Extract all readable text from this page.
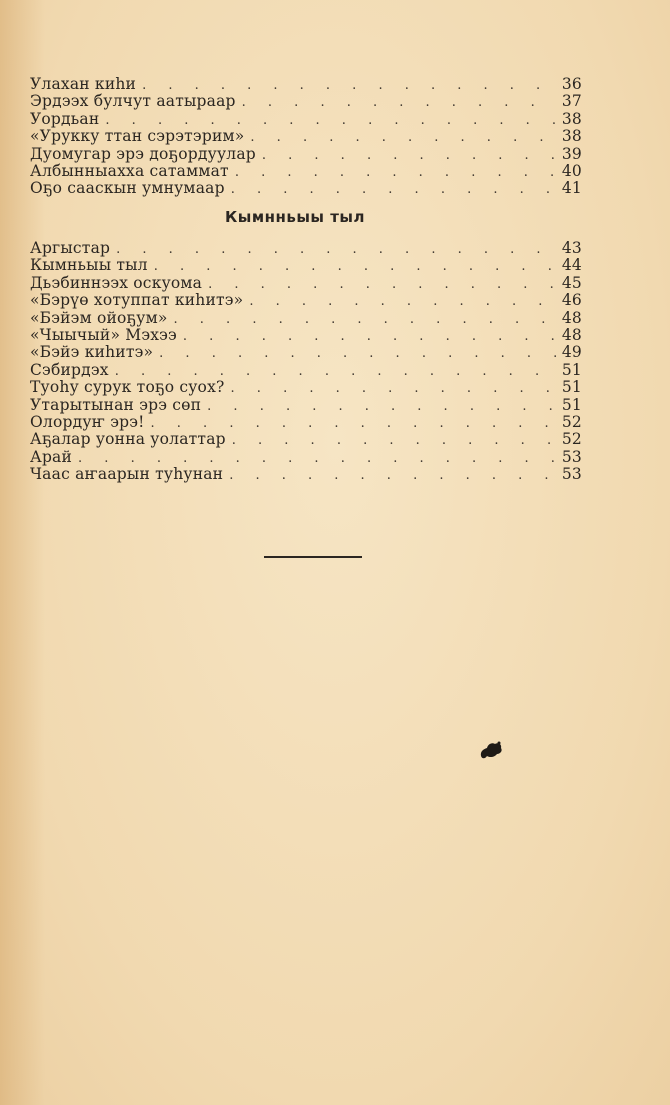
Улахан киһи . . .	36
Эрдээх булчут аатыраар . . .	37
Уордьан . . .	38
«Урукку ттан сэрэтэрим» . . .	38
Дуомугар эрэ доҕордуулар . . .	39
Албынныахха сатаммат . . .	40
Оҕо сааскын умнумаар . . .	41
Кымнньыы тыл
Аргыстар . . .	43
Кымньыы тыл . . .	44
Дьэбиннээх оскуома . . .	45
«Бэрүө хотуппат киһитэ» . . .	46
«Бэйэм ойоҕум» . . .	48
«Чыычый» Мэхээ . . .	48
«Бэйэ киһитэ» . . .	49
Сэбирдэх . . .	51
Туоһу сурук тоҕо суох? . . .	51
Утарытынан эрэ сөп . . .	51
Олордуҥ эрэ! . . .	52
Аҕалар уонна уолаттар . . .	52
Арай . . .	53
Чаас аҥаарын туһунан . . .	53
